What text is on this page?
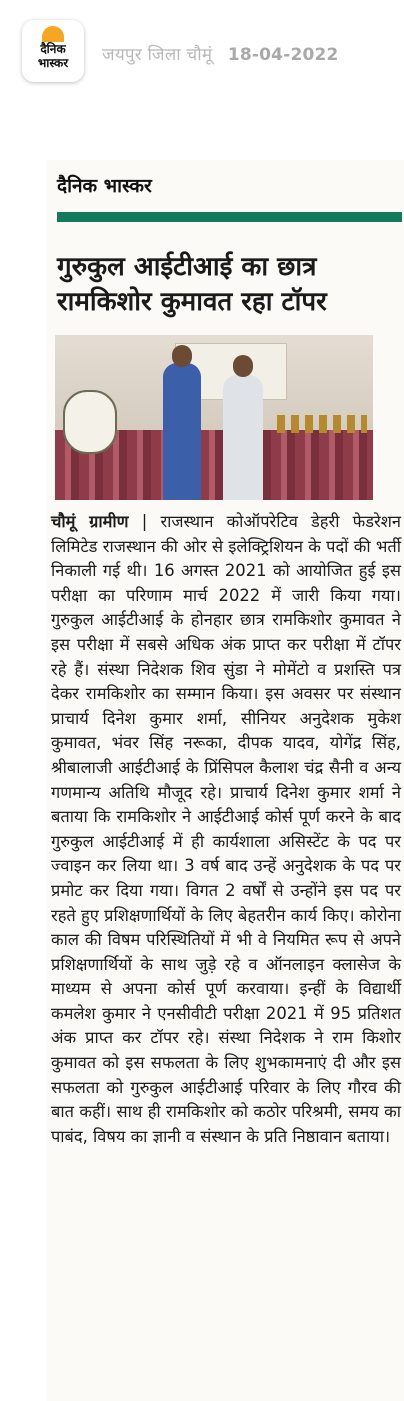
दैनिक
भास्कर	जयपुर जिला चौमूं 18-04-2022
दैनिक भास्कर
गुरुकुल आईटीआई का छात्र रामकिशोर कुमावत रहा टॉपर
चौमूं ग्रामीण | राजस्थान कोऑपरेटिव डेहरी फेडरेशन लिमिटेड राजस्थान की ओर से इलेक्ट्रिशियन के पदों की भर्ती निकाली गई थी। 16 अगस्त 2021 को आयोजित हुई इस परीक्षा का परिणाम मार्च 2022 में जारी किया गया। गुरुकुल आईटीआई के होनहार छात्र रामकिशोर कुमावत ने इस परीक्षा में सबसे अधिक अंक प्राप्त कर परीक्षा में टॉपर रहे हैं। संस्था निदेशक शिव सुंडा ने मोमेंटो व प्रशस्ति पत्र देकर रामकिशोर का सम्मान किया। इस अवसर पर संस्थान प्राचार्य दिनेश कुमार शर्मा, सीनियर अनुदेशक मुकेश कुमावत, भंवर सिंह नरूका, दीपक यादव, योगेंद्र सिंह, श्रीबालाजी आईटीआई के प्रिंसिपल कैलाश चंद्र सैनी व अन्य गणमान्य अतिथि मौजूद रहे। प्राचार्य दिनेश कुमार शर्मा ने बताया कि रामकिशोर ने आईटीआई कोर्स पूर्ण करने के बाद गुरुकुल आईटीआई में ही कार्यशाला असिस्टेंट के पद पर ज्वाइन कर लिया था। 3 वर्ष बाद उन्हें अनुदेशक के पद पर प्रमोट कर दिया गया। विगत 2 वर्षों से उन्होंने इस पद पर रहते हुए प्रशिक्षणार्थियों के लिए बेहतरीन कार्य किए। कोरोना काल की विषम परिस्थितियों में भी वे नियमित रूप से अपने प्रशिक्षणार्थियों के साथ जुड़े रहे व ऑनलाइन क्लासेज के माध्यम से अपना कोर्स पूर्ण करवाया। इन्हीं के विद्यार्थी कमलेश कुमार ने एनसीवीटी परीक्षा 2021 में 95 प्रतिशत अंक प्राप्त कर टॉपर रहे। संस्था निदेशक ने राम किशोर कुमावत को इस सफलता के लिए शुभकामनाएं दी और इस सफलता को गुरुकुल आईटीआई परिवार के लिए गौरव की बात कहीं। साथ ही रामकिशोर को कठोर परिश्रमी, समय का पाबंद, विषय का ज्ञानी व संस्थान के प्रति निष्ठावान बताया।
